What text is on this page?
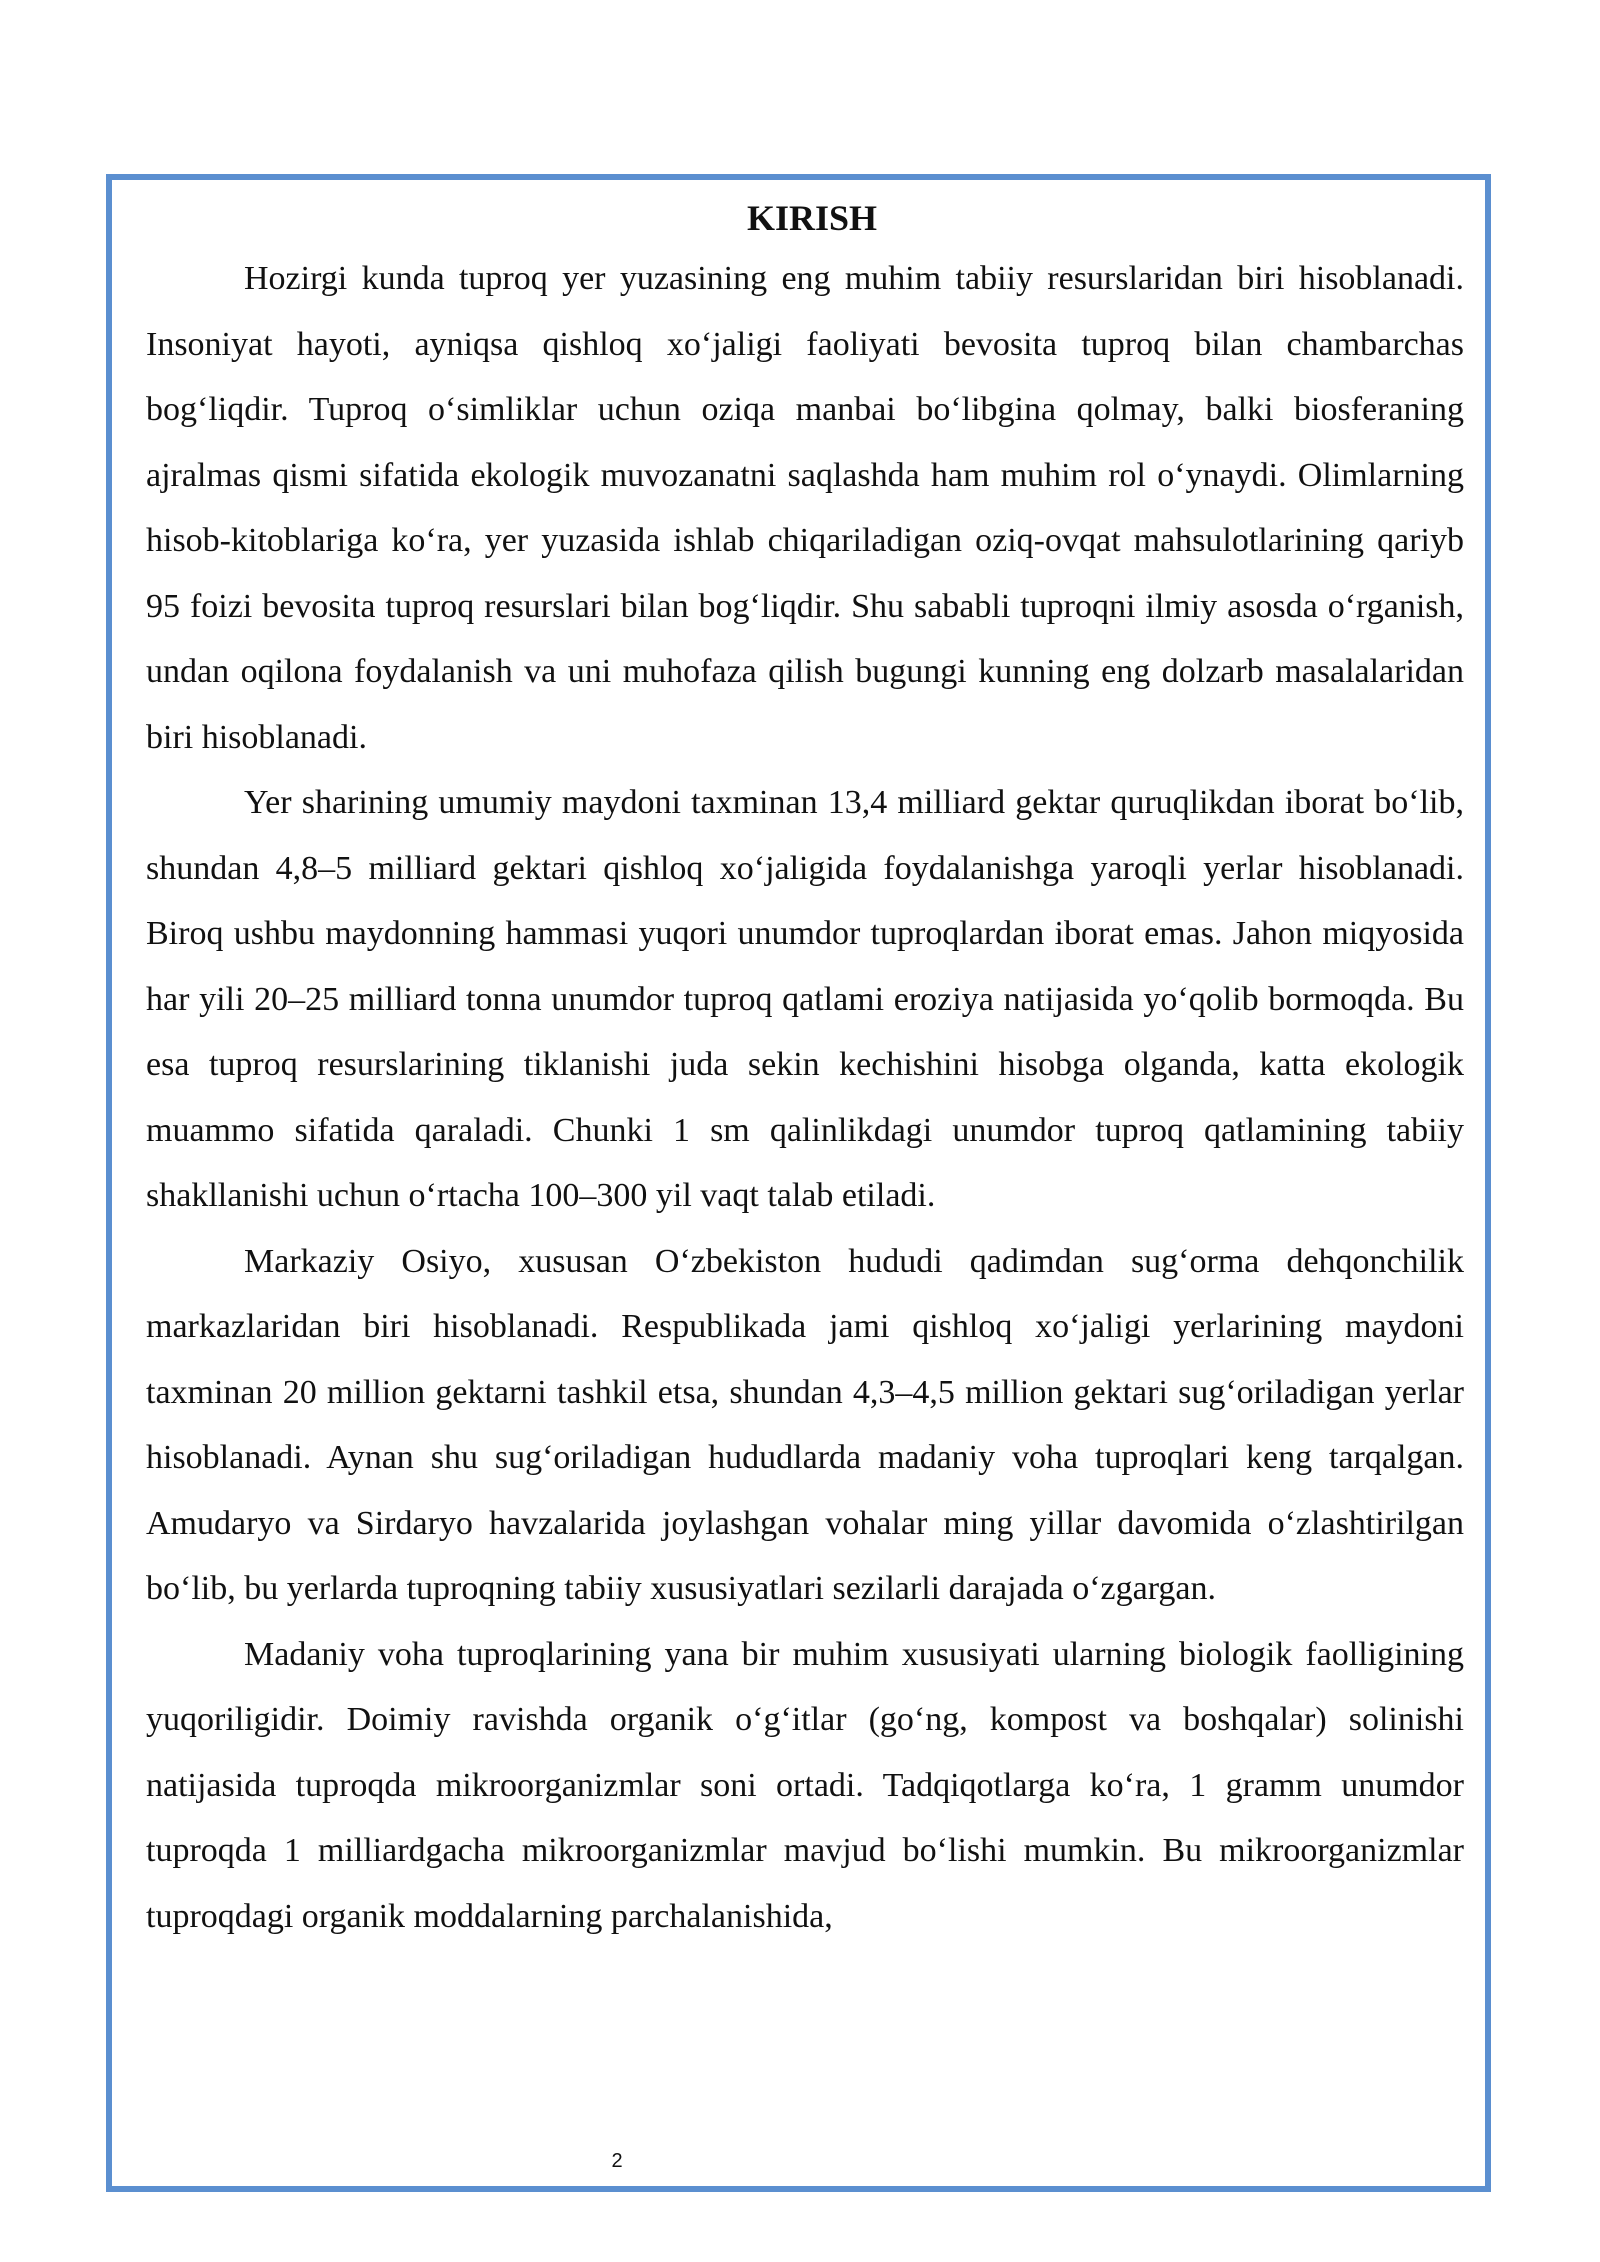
KIRISH

Hozirgi kunda tuproq yer yuzasining eng muhim tabiiy resurslaridan biri hisoblanadi. Insoniyat hayoti, ayniqsa qishloq xo‘jaligi faoliyati bevosita tuproq bilan chambarchas bog‘liqdir. Tuproq o‘simliklar uchun oziqa manbai bo‘libgina qolmay, balki biosferaning ajralmas qismi sifatida ekologik muvozanatni saqlashda ham muhim rol o‘ynaydi. Olimlarning hisob-kitoblariga ko‘ra, yer yuzasida ishlab chiqariladigan oziq-ovqat mahsulotlarining qariyb 95 foizi bevosita tuproq resurslari bilan bog‘liqdir. Shu sababli tuproqni ilmiy asosda o‘rganish, undan oqilona foydalanish va uni muhofaza qilish bugungi kunning eng dolzarb masalalaridan biri hisoblanadi.

Yer sharining umumiy maydoni taxminan 13,4 milliard gektar quruqlikdan iborat bo‘lib, shundan 4,8–5 milliard gektari qishloq xo‘jaligida foydalanishga yaroqli yerlar hisoblanadi. Biroq ushbu maydonning hammasi yuqori unumdor tuproqlardan iborat emas. Jahon miqyosida har yili 20–25 milliard tonna unumdor tuproq qatlami eroziya natijasida yo‘qolib bormoqda. Bu esa tuproq resurslarining tiklanishi juda sekin kechishini hisobga olganda, katta ekologik muammo sifatida qaraladi. Chunki 1 sm qalinlikdagi unumdor tuproq qatlamining tabiiy shakllanishi uchun o‘rtacha 100–300 yil vaqt talab etiladi.

Markaziy Osiyo, xususan O‘zbekiston hududi qadimdan sug‘orma dehqonchilik markazlaridan biri hisoblanadi. Respublikada jami qishloq xo‘jaligi yerlarining maydoni taxminan 20 million gektarni tashkil etsa, shundan 4,3–4,5 million gektari sug‘oriladigan yerlar hisoblanadi. Aynan shu sug‘oriladigan hududlarda madaniy voha tuproqlari keng tarqalgan. Amudaryo va Sirdaryo havzalarida joylashgan vohalar ming yillar davomida o‘zlashtirilgan bo‘lib, bu yerlarda tuproqning tabiiy xususiyatlari sezilarli darajada o‘zgargan.

Madaniy voha tuproqlarining yana bir muhim xususiyati ularning biologik faolligining yuqoriligidir. Doimiy ravishda organik o‘g‘itlar (go‘ng, kompost va boshqalar) solinishi natijasida tuproqda mikroorganizmlar soni ortadi. Tadqiqotlarga ko‘ra, 1 gramm unumdor tuproqda 1 milliardgacha mikroorganizmlar mavjud bo‘lishi mumkin. Bu mikroorganizmlar tuproqdagi organik moddalarning parchalanishida,

2
